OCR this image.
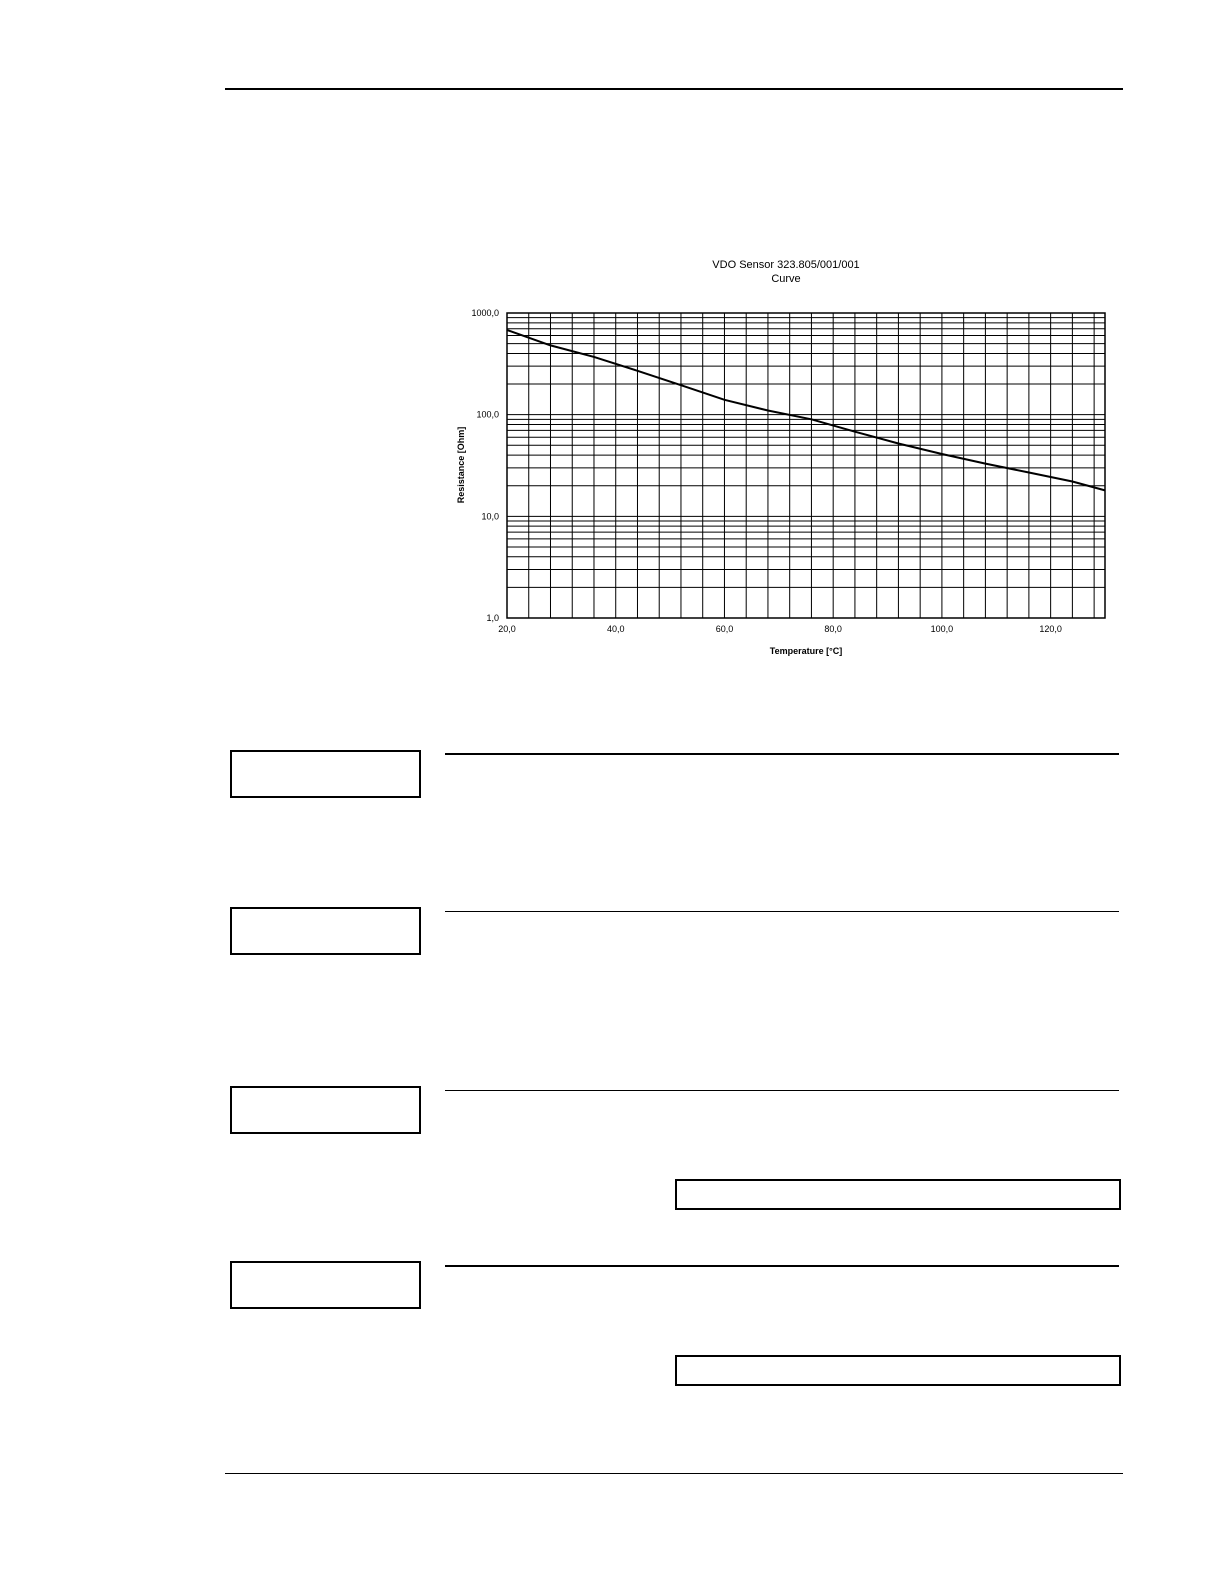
VDO Sensor 323.805/001/001
Curve
20,0	40,0	60,0	80,0	100,0	120,0
1,0
10,0
100,0
1000,0
Temperature [°C]
Resistance [Ohm]
